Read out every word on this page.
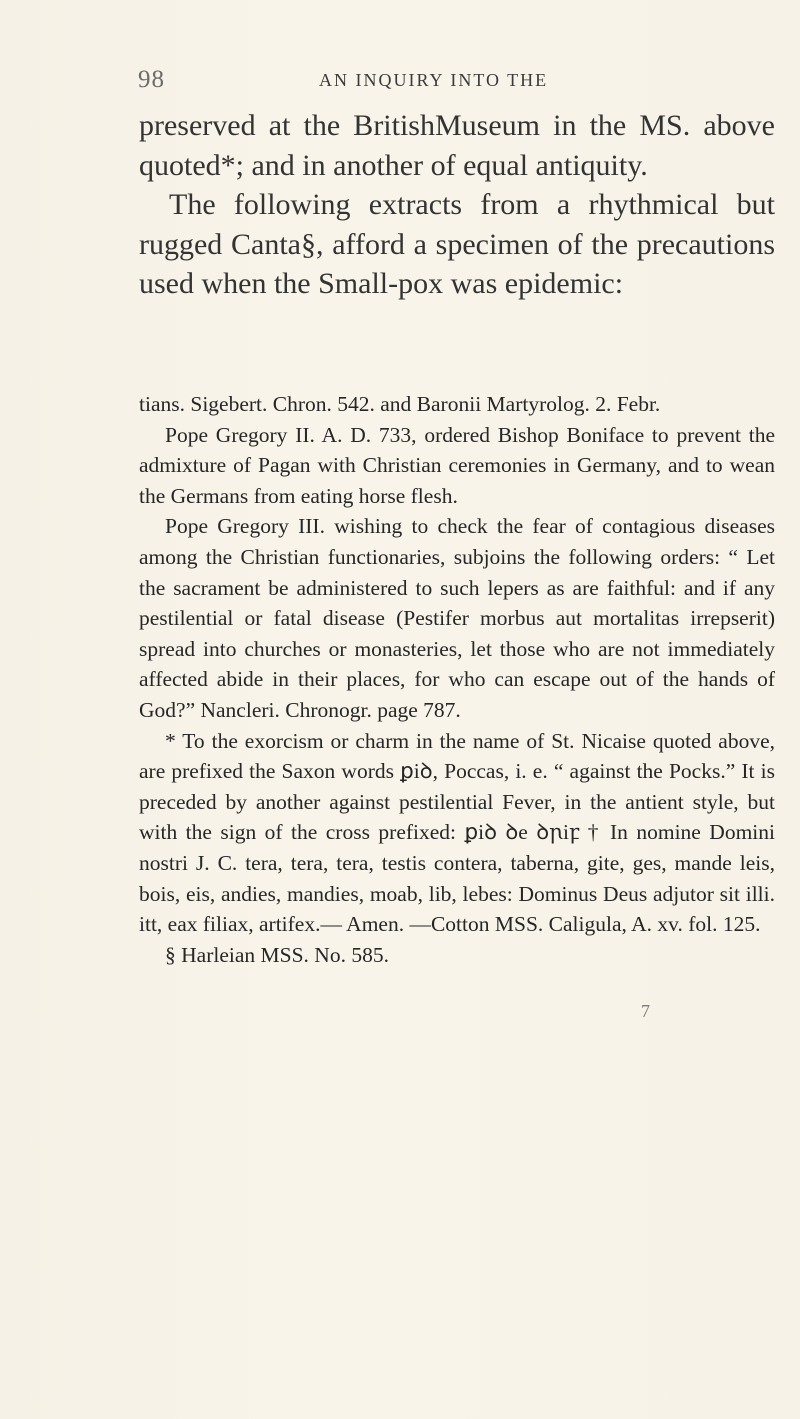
98	AN INQUIRY INTO THE

preserved at the BritishMuseum in the MS. above quoted*; and in another of equal antiquity.

The following extracts from a rhythmical but rugged Canta§, afford a specimen of the precautions used when the Small-pox was epidemic:

tians. Sigebert. Chron. 542. and Baronii Martyrolog. 2. Febr.

Pope Gregory II. A. D. 733, ordered Bishop Boniface to prevent the admixture of Pagan with Christian ceremonies in Germany, and to wean the Germans from eating horse flesh.

Pope Gregory III. wishing to check the fear of contagious diseases among the Christian functionaries, subjoins the following orders: “ Let the sacrament be administered to such lepers as are faithful: and if any pestilential or fatal disease (Pestifer morbus aut mortalitas irrepserit) spread into churches or monasteries, let those who are not immediately affected abide in their places, for who can escape out of the hands of God?” Nancleri. Chronogr. page 787.

* To the exorcism or charm in the name of St. Nicaise quoted above, are prefixed the Saxon words ꝑiꝺ, Poccas, i. e. “ against the Pocks.” It is preceded by another against pestilential Fever, in the antient style, but with the sign of the cross prefixed: ꝑiꝺ ꝺe ꝺꞃiꝼ † In nomine Domini nostri J. C. tera, tera, tera, testis contera, taberna, gite, ges, mande leis, bois, eis, andies, mandies, moab, lib, lebes: Dominus Deus adjutor sit illi. itt, eax filiax, artifex.— Amen. —Cotton MSS. Caligula, A. xv. fol. 125.

§ Harleian MSS. No. 585.

7
